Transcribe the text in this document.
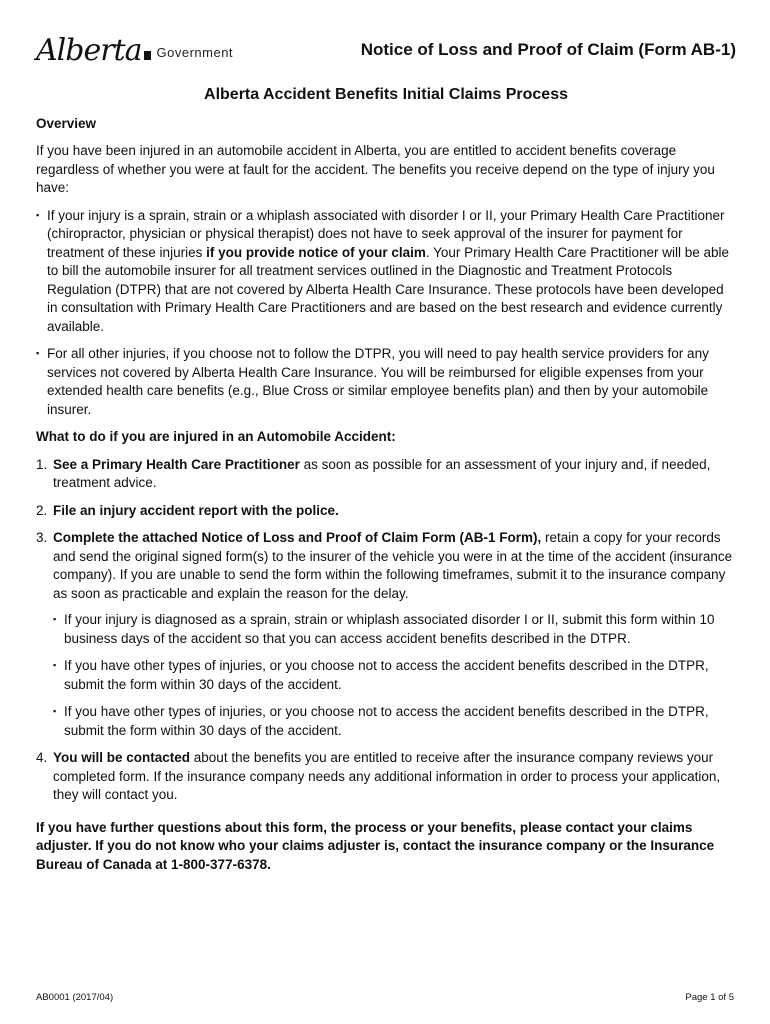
Alberta Government	Notice of Loss and Proof of Claim (Form AB-1)
Alberta Accident Benefits Initial Claims Process
Overview

If you have been injured in an automobile accident in Alberta, you are entitled to accident benefits coverage regardless of whether you were at fault for the accident. The benefits you receive depend on the type of injury you have:

▪ If your injury is a sprain, strain or a whiplash associated with disorder I or II, your Primary Health Care Practitioner (chiropractor, physician or physical therapist) does not have to seek approval of the insurer for payment for treatment of these injuries if you provide notice of your claim. Your Primary Health Care Practitioner will be able to bill the automobile insurer for all treatment services outlined in the Diagnostic and Treatment Protocols Regulation (DTPR) that are not covered by Alberta Health Care Insurance. These protocols have been developed in consultation with Primary Health Care Practitioners and are based on the best research and evidence currently available.
▪ For all other injuries, if you choose not to follow the DTPR, you will need to pay health service providers for any services not covered by Alberta Health Care Insurance. You will be reimbursed for eligible expenses from your extended health care benefits (e.g., Blue Cross or similar employee benefits plan) and then by your automobile insurer.
What to do if you are injured in an Automobile Accident:
1. See a Primary Health Care Practitioner as soon as possible for an assessment of your injury and, if needed, treatment advice.
2. File an injury accident report with the police.
3. Complete the attached Notice of Loss and Proof of Claim Form (AB-1 Form), retain a copy for your records and send the original signed form(s) to the insurer of the vehicle you were in at the time of the accident (insurance company). If you are unable to send the form within the following timeframes, submit it to the insurance company as soon as practicable and explain the reason for the delay.
▪ If your injury is diagnosed as a sprain, strain or whiplash associated disorder I or II, submit this form within 10 business days of the accident so that you can access accident benefits described in the DTPR.
▪ If you have other types of injuries, or you choose not to access the accident benefits described in the DTPR, submit the form within 30 days of the accident.
▪ If you have other types of injuries, or you choose not to access the accident benefits described in the DTPR, submit the form within 30 days of the accident.
4. You will be contacted about the benefits you are entitled to receive after the insurance company reviews your completed form. If the insurance company needs any additional information in order to process your application, they will contact you.

If you have further questions about this form, the process or your benefits, please contact your claims adjuster. If you do not know who your claims adjuster is, contact the insurance company or the Insurance Bureau of Canada at 1-800-377-6378.

AB0001 (2017/04)	Page 1 of 5
